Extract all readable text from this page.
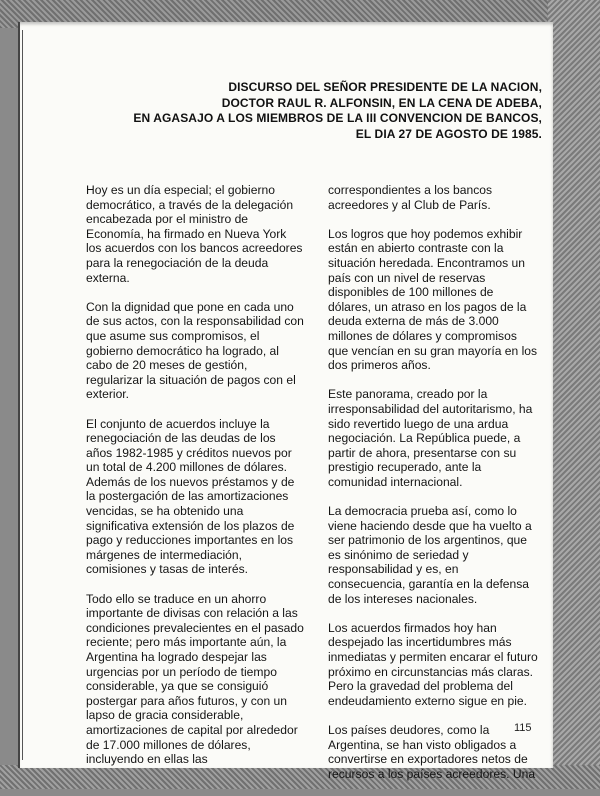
DISCURSO DEL SEÑOR PRESIDENTE DE LA NACION,
DOCTOR RAUL R. ALFONSIN, EN LA CENA DE ADEBA,
EN AGASAJO A LOS MIEMBROS DE LA III CONVENCION DE BANCOS,
EL DIA 27 DE AGOSTO DE 1985.

Hoy es un día especial; el gobierno democrático, a través de la delegación encabezada por el ministro de Economía, ha firmado en Nueva York los acuerdos con los bancos acreedores para la renegociación de la deuda externa.

Con la dignidad que pone en cada uno de sus actos, con la responsabilidad con que asume sus compromisos, el gobierno democrático ha logrado, al cabo de 20 meses de gestión, regularizar la situación de pagos con el exterior.

El conjunto de acuerdos incluye la renegociación de las deudas de los años 1982-1985 y créditos nuevos por un total de 4.200 millones de dólares. Además de los nuevos préstamos y de la postergación de las amortizaciones vencidas, se ha obtenido una significativa extensión de los plazos de pago y reducciones importantes en los márgenes de intermediación, comisiones y tasas de interés.

Todo ello se traduce en un ahorro importante de divisas con relación a las condiciones prevalecientes en el pasado reciente; pero más importante aún, la Argentina ha logrado despejar las urgencias por un período de tiempo considerable, ya que se consiguió postergar para años futuros, y con un lapso de gracia considerable, amortizaciones de capital por alrededor de 17.000 millones de dólares, incluyendo en ellas las

correspondientes a los bancos acreedores y al Club de París.

Los logros que hoy podemos exhibir están en abierto contraste con la situación heredada. Encontramos un país con un nivel de reservas disponibles de 100 millones de dólares, un atraso en los pagos de la deuda externa de más de 3.000 millones de dólares y compromisos que vencían en su gran mayoría en los dos primeros años.

Este panorama, creado por la irresponsabilidad del autoritarismo, ha sido revertido luego de una ardua negociación. La República puede, a partir de ahora, presentarse con su prestigio recuperado, ante la comunidad internacional.

La democracia prueba así, como lo viene haciendo desde que ha vuelto a ser patrimonio de los argentinos, que es sinónimo de seriedad y responsabilidad y es, en consecuencia, garantía en la defensa de los intereses nacionales.

Los acuerdos firmados hoy han despejado las incertidumbres más inmediatas y permiten encarar el futuro próximo en circunstancias más claras. Pero la gravedad del problema del endeudamiento externo sigue en pie.

Los países deudores, como la Argentina, se han visto obligados a convertirse en exportadores netos de recursos a los países acreedores. Una

115
